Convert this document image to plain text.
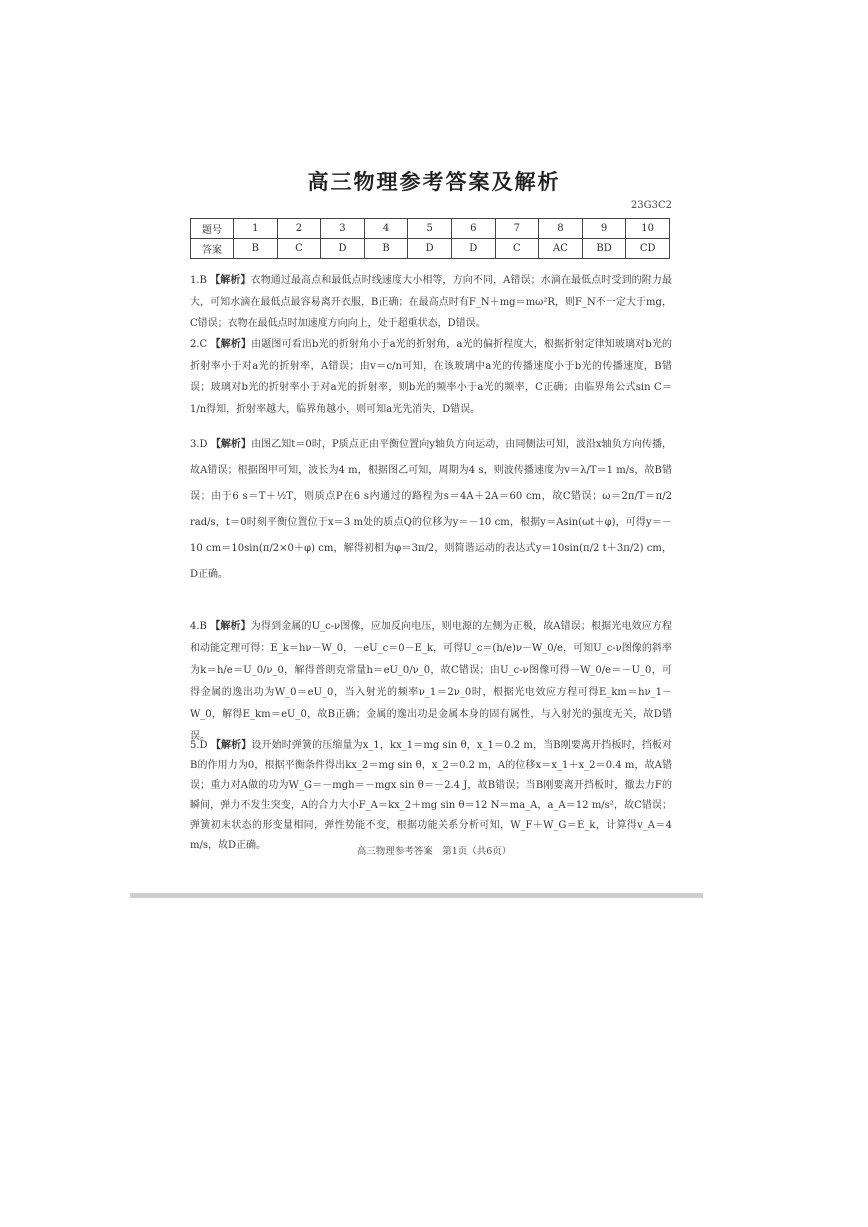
高三物理参考答案及解析
23G3C2
题号	1	2	3	4	5	6	7	8	9	10
答案	B	C	D	B	D	D	C	AC	BD	CD
1.B 【解析】衣物通过最高点和最低点时线速度大小相等，方向不同，A错误；水滴在最低点时受到的附力最大，可知水滴在最低点最容易离开衣服，B正确；在最高点时有F_N＋mg＝mω²R，则F_N不一定大于mg，C错误；衣物在最低点时加速度方向向上，处于超重状态，D错误。
2.C 【解析】由题图可看出b光的折射角小于a光的折射角，a光的偏折程度大，根据折射定律知玻璃对b光的折射率小于对a光的折射率，A错误；由v＝c/n可知，在该玻璃中a光的传播速度小于b光的传播速度，B错误；玻璃对b光的折射率小于对a光的折射率，则b光的频率小于a光的频率，C正确；由临界角公式sin C＝1/n得知，折射率越大，临界角越小，则可知a光先消失，D错误。
3.D 【解析】由图乙知t＝0时，P质点正由平衡位置向y轴负方向运动，由同侧法可知，波沿x轴负方向传播，故A错误；根据图甲可知，波长为4 m，根据图乙可知，周期为4 s，则波传播速度为v＝λ/T＝1 m/s，故B错误；由于6 s＝T＋½T，则质点P在6 s内通过的路程为s＝4A＋2A＝60 cm，故C错误；ω＝2π/T＝π/2 rad/s，t＝0时刻平衡位置位于x＝3 m处的质点Q的位移为y＝－10 cm，根据y＝Asin(ωt＋φ)，可得y＝－10 cm＝10sin(π/2×0＋φ) cm，解得初相为φ＝3π/2，则简谐运动的表达式y＝10sin(π/2 t＋3π/2) cm，D正确。
4.B 【解析】为得到金属的U_c-ν图像，应加反向电压，则电源的左侧为正极，故A错误；根据光电效应方程和动能定理可得：E_k＝hν－W_0，－eU_c＝0－E_k，可得U_c＝(h/e)ν－W_0/e，可知U_c-ν图像的斜率为k＝h/e＝U_0/ν_0，解得普朗克常量h＝eU_0/ν_0，故C错误；由U_c-ν图像可得－W_0/e＝－U_0，可得金属的逸出功为W_0＝eU_0，当入射光的频率ν_1＝2ν_0时，根据光电效应方程可得E_km＝hν_1－W_0，解得E_km＝eU_0，故B正确；金属的逸出功是金属本身的固有属性，与入射光的强度无关，故D错误。
5.D 【解析】设开始时弹簧的压缩量为x_1，kx_1＝mg sin θ，x_1＝0.2 m，当B刚要离开挡板时，挡板对B的作用力为0，根据平衡条件得出kx_2＝mg sin θ，x_2＝0.2 m，A的位移x＝x_1＋x_2＝0.4 m，故A错误；重力对A做的功为W_G＝－mgh＝－mgx sin θ＝－2.4 J，故B错误；当B刚要离开挡板时，撤去力F的瞬间，弹力不发生突变，A的合力大小F_A＝kx_2＋mg sin θ＝12 N＝ma_A，a_A＝12 m/s²，故C错误；弹簧初末状态的形变量相同，弹性势能不变，根据功能关系分析可知，W_F＋W_G＝E_k，计算得v_A＝4 m/s，故D正确。
高三物理参考答案　第1页（共6页）
